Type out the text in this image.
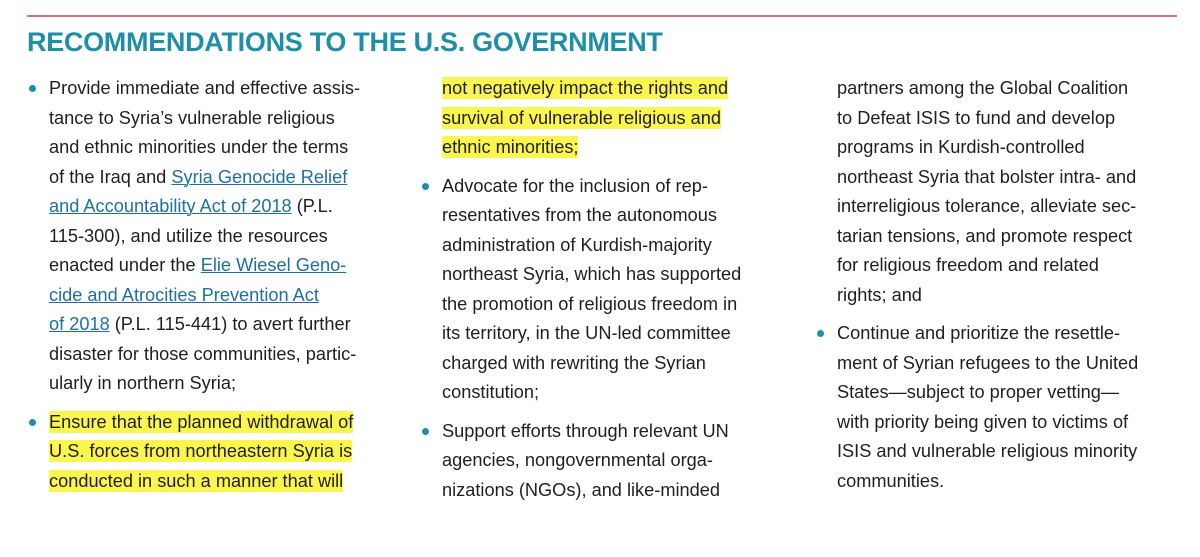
RECOMMENDATIONS TO THE U.S. GOVERNMENT
Provide immediate and effective assis-
tance to Syria’s vulnerable religious
and ethnic minorities under the terms
of the Iraq and Syria Genocide Relief
and Accountability Act of 2018 (P.L.
115-300), and utilize the resources
enacted under the Elie Wiesel Geno-
cide and Atrocities Prevention Act
of 2018 (P.L. 115-441) to avert further
disaster for those communities, partic-
ularly in northern Syria;
Ensure that the planned withdrawal of
U.S. forces from northeastern Syria is
conducted in such a manner that will
not negatively impact the rights and
survival of vulnerable religious and
ethnic minorities;
Advocate for the inclusion of rep-
resentatives from the autonomous
administration of Kurdish-majority
northeast Syria, which has supported
the promotion of religious freedom in
its territory, in the UN-led committee
charged with rewriting the Syrian
constitution;
Support efforts through relevant UN
agencies, nongovernmental orga-
nizations (NGOs), and like-minded
partners among the Global Coalition
to Defeat ISIS to fund and develop
programs in Kurdish-controlled
northeast Syria that bolster intra- and
interreligious tolerance, alleviate sec-
tarian tensions, and promote respect
for religious freedom and related
rights; and
Continue and prioritize the resettle-
ment of Syrian refugees to the United
States—subject to proper vetting—
with priority being given to victims of
ISIS and vulnerable religious minority
communities.
